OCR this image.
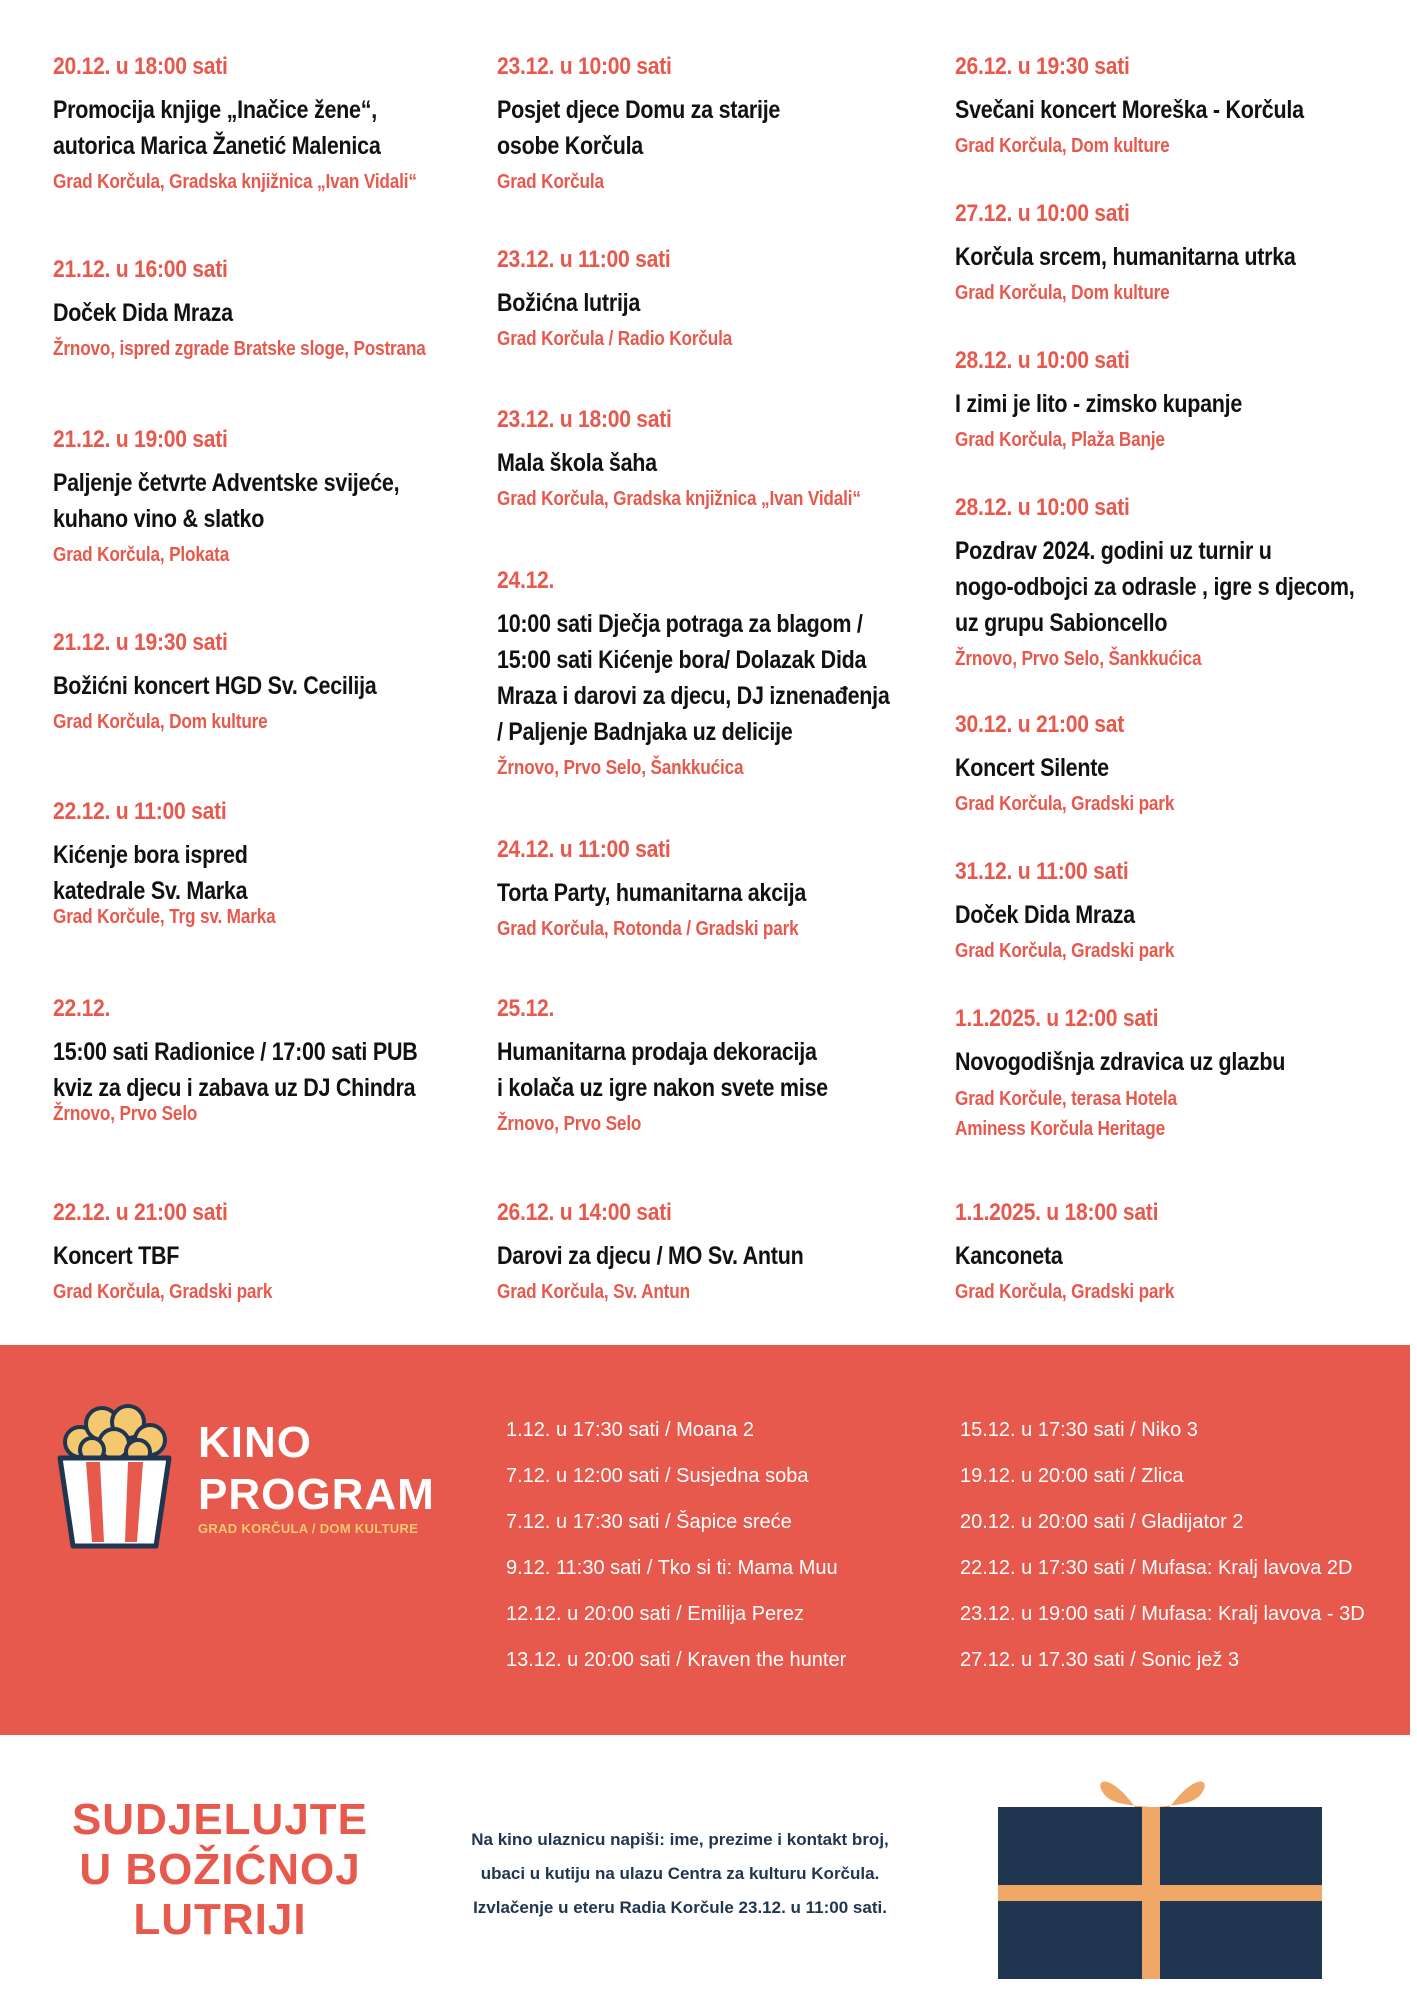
20.12. u 18:00 sati
Promocija knjige „Inačice žene“,
autorica Marica Žanetić Malenica
Grad Korčula, Gradska knjižnica „Ivan Vidali“
21.12. u 16:00 sati
Doček Dida Mraza
Žrnovo, ispred zgrade Bratske sloge, Postrana
21.12. u 19:00 sati
Paljenje četvrte Adventske svijeće,
kuhano vino & slatko
Grad Korčula, Plokata
21.12. u 19:30 sati
Božićni koncert HGD Sv. Cecilija
Grad Korčula, Dom kulture
22.12. u 11:00 sati
Kićenje bora ispred
katedrale Sv. Marka
Grad Korčule, Trg sv. Marka
22.12.
15:00 sati Radionice / 17:00 sati PUB
kviz za djecu i zabava uz DJ Chindra
Žrnovo, Prvo Selo
22.12. u 21:00 sati
Koncert TBF
Grad Korčula, Gradski park
23.12. u 10:00 sati
Posjet djece Domu za starije
osobe Korčula
Grad Korčula
23.12. u 11:00 sati
Božićna lutrija
Grad Korčula / Radio Korčula
23.12. u 18:00 sati
Mala škola šaha
Grad Korčula, Gradska knjižnica „Ivan Vidali“
24.12.
10:00 sati Dječja potraga za blagom /
15:00 sati Kićenje bora/ Dolazak Dida
Mraza i darovi za djecu, DJ iznenađenja
/ Paljenje Badnjaka uz delicije
Žrnovo, Prvo Selo, Šankkućica
24.12. u 11:00 sati
Torta Party, humanitarna akcija
Grad Korčula, Rotonda / Gradski park
25.12.
Humanitarna prodaja dekoracija
i kolača uz igre nakon svete mise
Žrnovo, Prvo Selo
26.12. u 14:00 sati
Darovi za djecu / MO Sv. Antun
Grad Korčula, Sv. Antun
26.12. u 19:30 sati
Svečani koncert Moreška - Korčula
Grad Korčula, Dom kulture
27.12. u 10:00 sati
Korčula srcem, humanitarna utrka
Grad Korčula, Dom kulture
28.12. u 10:00 sati
I zimi je lito - zimsko kupanje
Grad Korčula, Plaža Banje
28.12. u 10:00 sati
Pozdrav 2024. godini uz turnir u
nogo-odbojci za odrasle , igre s djecom,
uz grupu Sabioncello
Žrnovo, Prvo Selo, Šankkućica
30.12. u 21:00 sat
Koncert Silente
Grad Korčula, Gradski park
31.12. u 11:00 sati
Doček Dida Mraza
Grad Korčula, Gradski park
1.1.2025. u 12:00 sati
Novogodišnja zdravica uz glazbu
Grad Korčule, terasa Hotela
Aminess Korčula Heritage
1.1.2025. u 18:00 sati
Kanconeta
Grad Korčula, Gradski park
KINO
PROGRAM
GRAD KORČULA / DOM KULTURE
1.12. u 17:30 sati / Moana 2
7.12. u 12:00 sati / Susjedna soba
7.12. u 17:30 sati / Šapice sreće
9.12. 11:30 sati / Tko si ti: Mama Muu
12.12. u 20:00 sati / Emilija Perez
13.12. u 20:00 sati / Kraven the hunter
15.12. u 17:30 sati / Niko 3
19.12. u 20:00 sati / Zlica
20.12. u 20:00 sati / Gladijator 2
22.12. u 17:30 sati / Mufasa: Kralj lavova 2D
23.12. u 19:00 sati / Mufasa: Kralj lavova - 3D
27.12. u 17.30 sati / Sonic jež 3
SUDJELUJTE
U BOŽIĆNOJ
LUTRIJI
Na kino ulaznicu napiši: ime, prezime i kontakt broj,
ubaci u kutiju na ulazu Centra za kulturu Korčula.
Izvlačenje u eteru Radia Korčule 23.12. u 11:00 sati.
